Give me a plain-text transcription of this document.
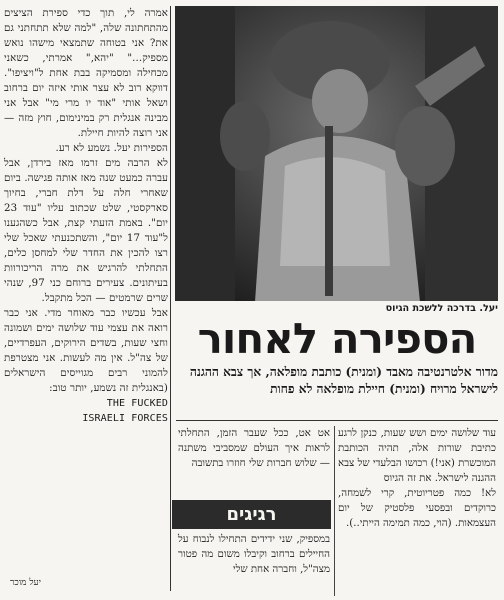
אמרה לי, תוך כדי ספירת הציצים מהתחתונה שלה, "למה שלא תתחתני גם את? אני בטוחה שתמצאי מישהו נואש מספיק..." "יהא," אמרתי, כשאני מכחילה ומסמיקה בבת אחת ל"ויציפו". דווקא רוב לא עצר אותי איזה יום ברחוב ושאל אותי "אוד יו מרי מי" אבל אני מבינה אנגלית רק במינימום, חוץ מזה — אני רוצה להיות חיילת.

הספירות יעל. נשמע לא רע.

לא הרבה מים זרמו מאז בירדן, אבל עברה כמעט שנה מאז אותה פגישה. ביום שאחרי חלה על דלת חברי, בחיוך סארקסטי, שלט שכתוב עליו "עוד 23 יום". באמת הזעתי קצת, אבל כשהגענו ל"עוד 17 יום", והשתכנעתי שאכל שלי רצו להכין את החדר שלי למחסן כלים, התחלתי להרגיש את מרה הריכורוות בעיתונים. צעירים ברוחם כני 97, שנהי שרים שרמטים — הכל מתקבל.

אבל עכשיו כבר מאוחר מדי. אני כבר רואה את עצמי עוד שלושה ימים ושמונה וחצי שעות, בשדים הירוקים, העפרדיים, של צה"ל. אין מה לעשות. אני מצטרפת להמוני רבים מגוייסים הישראלים (באנגלית זה נשמע, יותר טוב:

THE FUCKED

ISRAELI FORCES

יעל מוכר
יעל. בדרכה ללשכת הגיוס
הספירה לאחור
מדור אלטרנטיבה מאבד (ומנית) כותבת מופלאה, אך צבא ההגנה לישראל מרויח (ומנית) חיילת מופלאה לא פחות

אט אט, ככל שעבר הזמן, התחלתי לראות איך העולם שמסביבי משתנה — שלוש חברות שלי חוזרו בתשובה

רגיגים

במספיק, שני ידידים התחילו לנבוח על החיילים ברחוב וקיבלו משום מה פטור מצה"ל, וחברה אחת שלי

עוד שלושה ימים ושש שעות, כנקן לרגע כתיבת שורות אלה, תהיה הכותבת המוכשרת (אני!) רכושו הבלעדי של צבא ההגנה לישראל. את זה הגיוס

לא! כמה פטריוטית, קרי לשמחה, כרוקדים ובפסעי פלסטיק של יום העצמאות. (הוי, כמה תמימה הייתי..).
